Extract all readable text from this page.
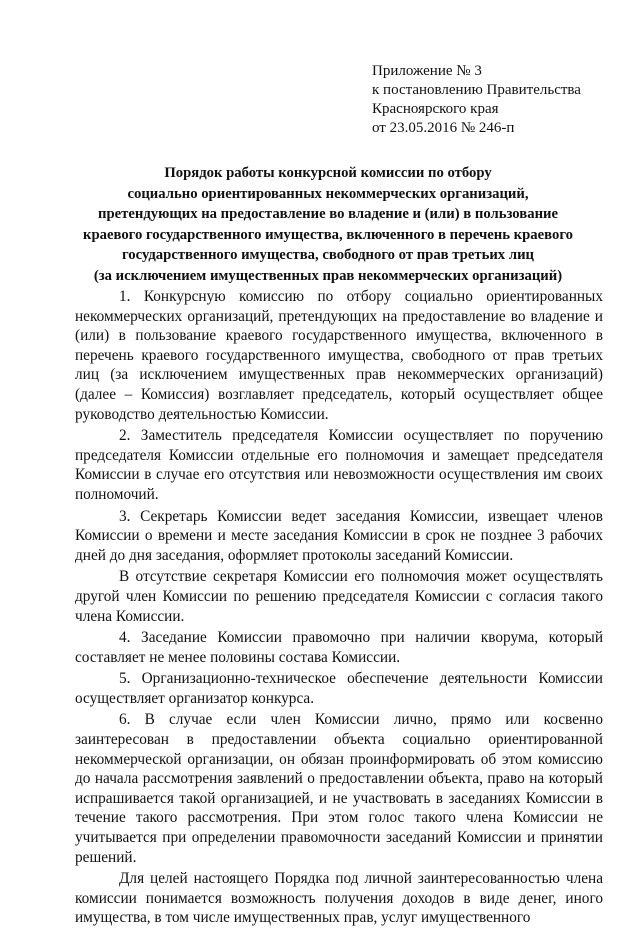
Приложение № 3
к постановлению Правительства
Красноярского края
от 23.05.2016 № 246-п
Порядок работы конкурсной комиссии по отбору
социально ориентированных некоммерческих организаций,
претендующих на предоставление во владение и (или) в пользование
краевого государственного имущества, включенного в перечень краевого
государственного имущества, свободного от прав третьих лиц
(за исключением имущественных прав некоммерческих организаций)

1. Конкурсную комиссию по отбору социально ориентированных некоммерческих организаций, претендующих на предоставление во владение и (или) в пользование краевого государственного имущества, включенного в перечень краевого государственного имущества, свободного от прав третьих лиц (за исключением имущественных прав некоммерческих организаций) (далее – Комиссия) возглавляет председатель, который осуществляет общее руководство деятельностью Комиссии.

2. Заместитель председателя Комиссии осуществляет по поручению председателя Комиссии отдельные его полномочия и замещает председателя Комиссии в случае его отсутствия или невозможности осуществления им своих полномочий.

3. Секретарь Комиссии ведет заседания Комиссии, извещает членов Комиссии о времени и месте заседания Комиссии в срок не позднее 3 рабочих дней до дня заседания, оформляет протоколы заседаний Комиссии.

В отсутствие секретаря Комиссии его полномочия может осуществлять другой член Комиссии по решению председателя Комиссии с согласия такого члена Комиссии.

4. Заседание Комиссии правомочно при наличии кворума, который составляет не менее половины состава Комиссии.

5. Организационно-техническое обеспечение деятельности Комиссии осуществляет организатор конкурса.

6. В случае если член Комиссии лично, прямо или косвенно заинтересован в предоставлении объекта социально ориентированной некоммерческой организации, он обязан проинформировать об этом комиссию до начала рассмотрения заявлений о предоставлении объекта, право на который испрашивается такой организацией, и не участвовать в заседаниях Комиссии в течение такого рассмотрения. При этом голос такого члена Комиссии не учитывается при определении правомочности заседаний Комиссии и принятии решений.

Для целей настоящего Порядка под личной заинтересованностью члена комиссии понимается возможность получения доходов в виде денег, иного имущества, в том числе имущественных прав, услуг имущественного
